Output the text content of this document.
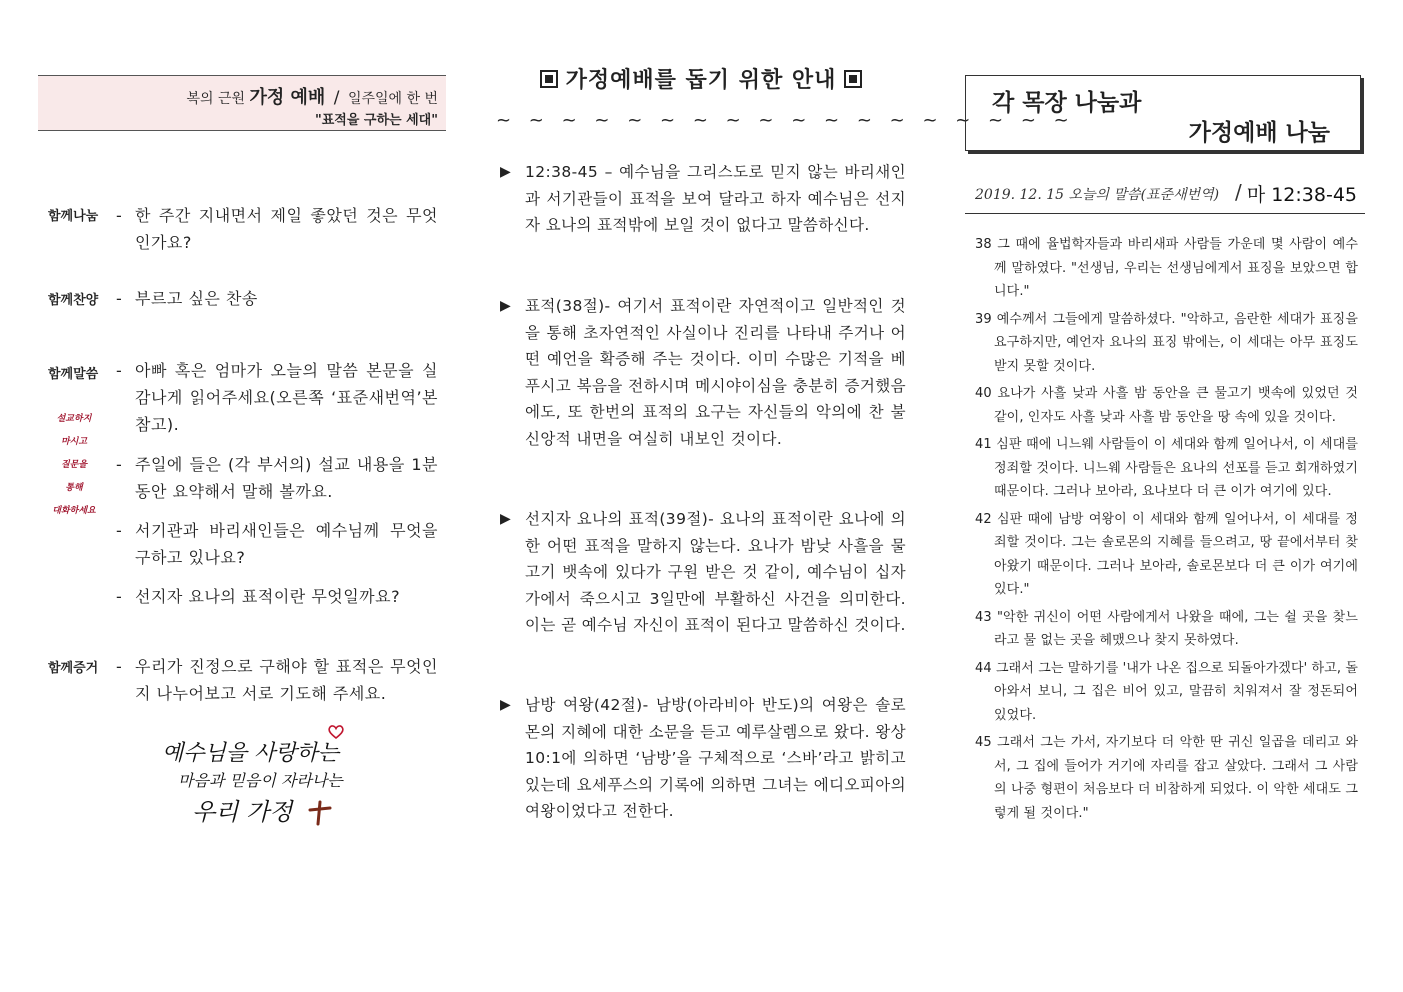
복의 근원 가정 예배 / 일주일에 한 번
"표적을 구하는 세대"
함께나눔 - 한 주간 지내면서 제일 좋았던 것은 무엇인가요?
함께찬양 - 부르고 싶은 찬송
함께말씀 - 아빠 혹은 엄마가 오늘의 말씀 본문을 실감나게 읽어주세요(오른쪽 ‘표준새번역’본 참고).
- 주일에 들은 (각 부서의) 설교 내용을 1분 동안 요약해서 말해 볼까요.
- 서기관과 바리새인들은 예수님께 무엇을 구하고 있나요?
- 선지자 요나의 표적이란 무엇일까요?
설교하지
마시고
질문을
통해
대화하세요
함께증거 - 우리가 진정으로 구해야 할 표적은 무엇인지 나누어보고 서로 기도해 주세요.
예수님을 사랑하는
마음과 믿음이 자라나는
우리 가정
가정예배를 돕기 위한 안내
~ ~ ~ ~ ~ ~ ~ ~ ~ ~ ~ ~ ~ ~ ~ ~ ~ ~
▶ 12:38-45 – 예수님을 그리스도로 믿지 않는 바리새인과 서기관들이 표적을 보여 달라고 하자 예수님은 선지자 요나의 표적밖에 보일 것이 없다고 말씀하신다.
▶ 표적(38절)- 여기서 표적이란 자연적이고 일반적인 것을 통해 초자연적인 사실이나 진리를 나타내 주거나 어떤 예언을 확증해 주는 것이다. 이미 수많은 기적을 베푸시고 복음을 전하시며 메시야이심을 충분히 증거했음에도, 또 한번의 표적의 요구는 자신들의 악의에 찬 불신앙적 내면을 여실히 내보인 것이다.
▶ 선지자 요나의 표적(39절)- 요나의 표적이란 요나에 의한 어떤 표적을 말하지 않는다. 요나가 밤낮 사흘을 물고기 뱃속에 있다가 구원 받은 것 같이, 예수님이 십자가에서 죽으시고 3일만에 부활하신 사건을 의미한다. 이는 곧 예수님 자신이 표적이 된다고 말씀하신 것이다.
▶ 남방 여왕(42절)- 남방(아라비아 반도)의 여왕은 솔로몬의 지혜에 대한 소문을 듣고 예루살렘으로 왔다. 왕상 10:1에 의하면 ‘남방’을 구체적으로 ‘스바’라고 밝히고 있는데 요세푸스의 기록에 의하면 그녀는 에디오피아의 여왕이었다고 전한다.
각 목장 나눔과
가정예배 나눔
2019. 12. 15 오늘의 말씀(표준새번역) / 마 12:38-45
38 그 때에 율법학자들과 바리새파 사람들 가운데 몇 사람이 예수께 말하였다. "선생님, 우리는 선생님에게서 표징을 보았으면 합니다."
39 예수께서 그들에게 말씀하셨다. "악하고, 음란한 세대가 표징을 요구하지만, 예언자 요나의 표징 밖에는, 이 세대는 아무 표징도 받지 못할 것이다.
40 요나가 사흘 낮과 사흘 밤 동안을 큰 물고기 뱃속에 있었던 것 같이, 인자도 사흘 낮과 사흘 밤 동안을 땅 속에 있을 것이다.
41 심판 때에 니느웨 사람들이 이 세대와 함께 일어나서, 이 세대를 정죄할 것이다. 니느웨 사람들은 요나의 선포를 듣고 회개하였기 때문이다. 그러나 보아라, 요나보다 더 큰 이가 여기에 있다.
42 심판 때에 남방 여왕이 이 세대와 함께 일어나서, 이 세대를 정죄할 것이다. 그는 솔로몬의 지혜를 들으려고, 땅 끝에서부터 찾아왔기 때문이다. 그러나 보아라, 솔로몬보다 더 큰 이가 여기에 있다."
43 "악한 귀신이 어떤 사람에게서 나왔을 때에, 그는 쉴 곳을 찾느라고 물 없는 곳을 헤맸으나 찾지 못하였다.
44 그래서 그는 말하기를 '내가 나온 집으로 되돌아가겠다' 하고, 돌아와서 보니, 그 집은 비어 있고, 말끔히 치워져서 잘 정돈되어 있었다.
45 그래서 그는 가서, 자기보다 더 악한 딴 귀신 일곱을 데리고 와서, 그 집에 들어가 거기에 자리를 잡고 살았다. 그래서 그 사람의 나중 형편이 처음보다 더 비참하게 되었다. 이 악한 세대도 그렇게 될 것이다."
